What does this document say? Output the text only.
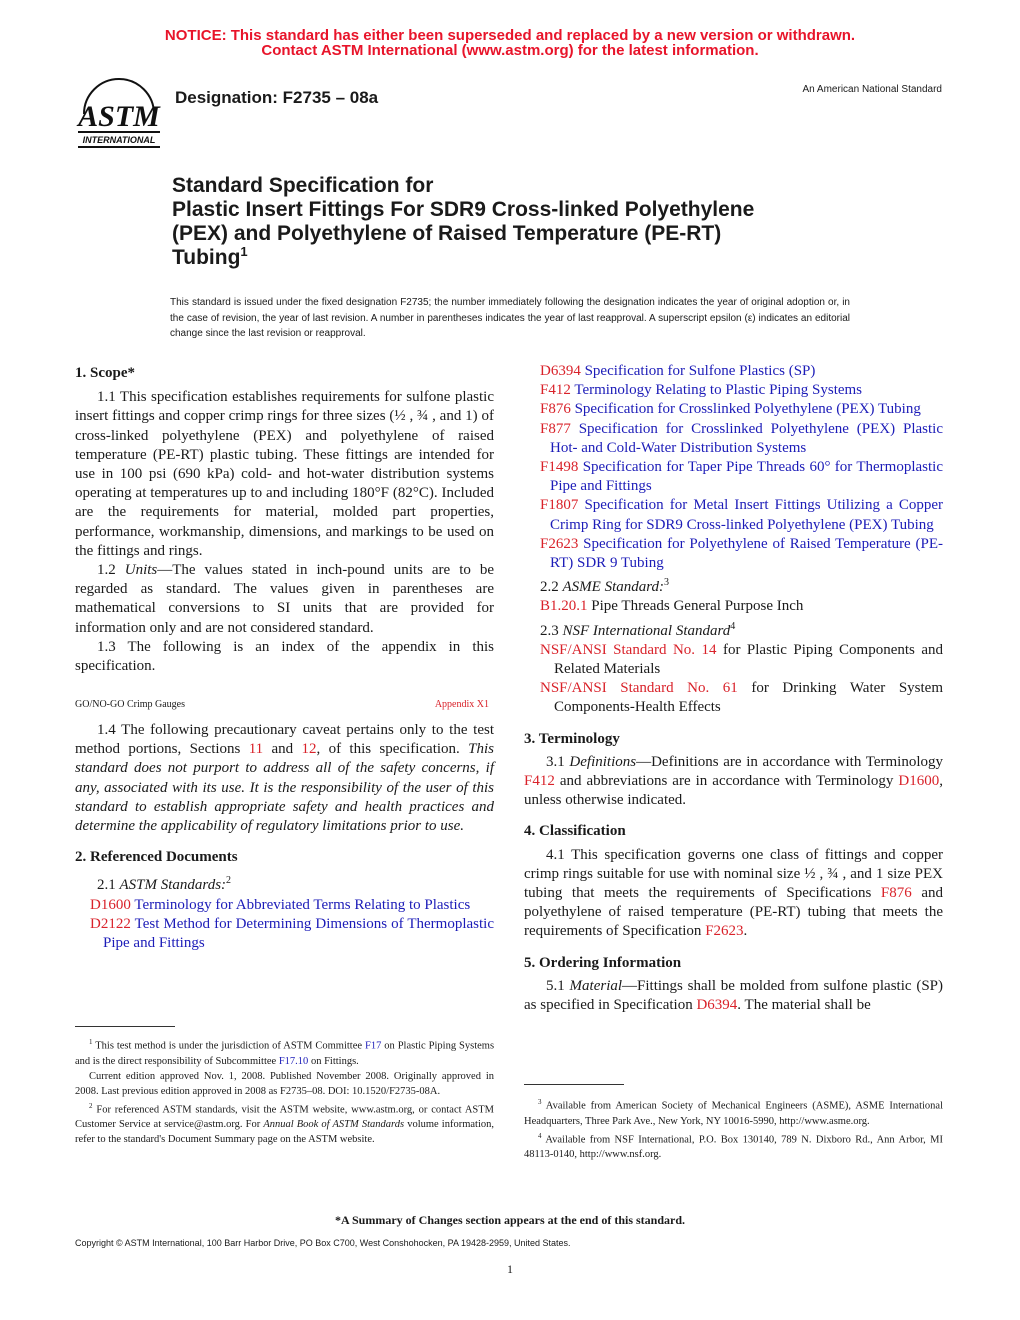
NOTICE: This standard has either been superseded and replaced by a new version or withdrawn.
Contact ASTM International (www.astm.org) for the latest information.
ASTM
INTERNATIONAL
Designation: F2735 – 08a	An American National Standard
Standard Specification for
Plastic Insert Fittings For SDR9 Cross-linked Polyethylene
(PEX) and Polyethylene of Raised Temperature (PE-RT)
Tubing$^1$
This standard is issued under the fixed designation F2735; the number immediately following the designation indicates the year of original adoption or, in the case of revision, the year of last revision. A number in parentheses indicates the year of last reapproval. A superscript epsilon (ε) indicates an editorial change since the last revision or reapproval.
1. Scope*

1.1 This specification establishes requirements for sulfone plastic insert fittings and copper crimp rings for three sizes (½ , ¾ , and 1) of cross-linked polyethylene (PEX) and polyethylene of raised temperature (PE-RT) plastic tubing. These fittings are intended for use in 100 psi (690 kPa) cold- and hot-water distribution systems operating at temperatures up to and including 180°F (82°C). Included are the requirements for material, molded part properties, performance, workmanship, dimensions, and markings to be used on the fittings and rings.

1.2 Units—The values stated in inch-pound units are to be regarded as standard. The values given in parentheses are mathematical conversions to SI units that are provided for information only and are not considered standard.

1.3 The following is an index of the appendix in this specification.

GO/NO-GO Crimp Gauges	Appendix X1

1.4 The following precautionary caveat pertains only to the test method portions, Sections 11 and 12, of this specification. This standard does not purport to address all of the safety concerns, if any, associated with its use. It is the responsibility of the user of this standard to establish appropriate safety and health practices and determine the applicability of regulatory limitations prior to use.

2. Referenced Documents

2.1 ASTM Standards:$^2$

D1600 Terminology for Abbreviated Terms Relating to Plastics

D2122 Test Method for Determining Dimensions of Thermoplastic Pipe and Fittings

$^1$ This test method is under the jurisdiction of ASTM Committee F17 on Plastic Piping Systems and is the direct responsibility of Subcommittee F17.10 on Fittings.

Current edition approved Nov. 1, 2008. Published November 2008. Originally approved in 2008. Last previous edition approved in 2008 as F2735–08. DOI: 10.1520/F2735-08A.

$^2$ For referenced ASTM standards, visit the ASTM website, www.astm.org, or contact ASTM Customer Service at service@astm.org. For Annual Book of ASTM Standards volume information, refer to the standard's Document Summary page on the ASTM website.

D6394 Specification for Sulfone Plastics (SP)

F412 Terminology Relating to Plastic Piping Systems

F876 Specification for Crosslinked Polyethylene (PEX) Tubing

F877 Specification for Crosslinked Polyethylene (PEX) Plastic Hot- and Cold-Water Distribution Systems

F1498 Specification for Taper Pipe Threads 60° for Thermoplastic Pipe and Fittings

F1807 Specification for Metal Insert Fittings Utilizing a Copper Crimp Ring for SDR9 Cross-linked Polyethylene (PEX) Tubing

F2623 Specification for Polyethylene of Raised Temperature (PE-RT) SDR 9 Tubing

2.2 ASME Standard:$^3$

B1.20.1 Pipe Threads General Purpose Inch

2.3 NSF International Standard$^4$

NSF/ANSI Standard No. 14 for Plastic Piping Components and Related Materials

NSF/ANSI Standard No. 61 for Drinking Water System Components-Health Effects

3. Terminology

3.1 Definitions—Definitions are in accordance with Terminology F412 and abbreviations are in accordance with Terminology D1600, unless otherwise indicated.

4. Classification

4.1 This specification governs one class of fittings and copper crimp rings suitable for use with nominal size ½ , ¾ , and 1 size PEX tubing that meets the requirements of Specifications F876 and polyethylene of raised temperature (PE-RT) tubing that meets the requirements of Specification F2623.

5. Ordering Information

5.1 Material—Fittings shall be molded from sulfone plastic (SP) as specified in Specification D6394. The material shall be

$^3$ Available from American Society of Mechanical Engineers (ASME), ASME International Headquarters, Three Park Ave., New York, NY 10016-5990, http://www.asme.org.

$^4$ Available from NSF International, P.O. Box 130140, 789 N. Dixboro Rd., Ann Arbor, MI 48113-0140, http://www.nsf.org.

*A Summary of Changes section appears at the end of this standard.
Copyright © ASTM International, 100 Barr Harbor Drive, PO Box C700, West Conshohocken, PA 19428-2959, United States.
1
